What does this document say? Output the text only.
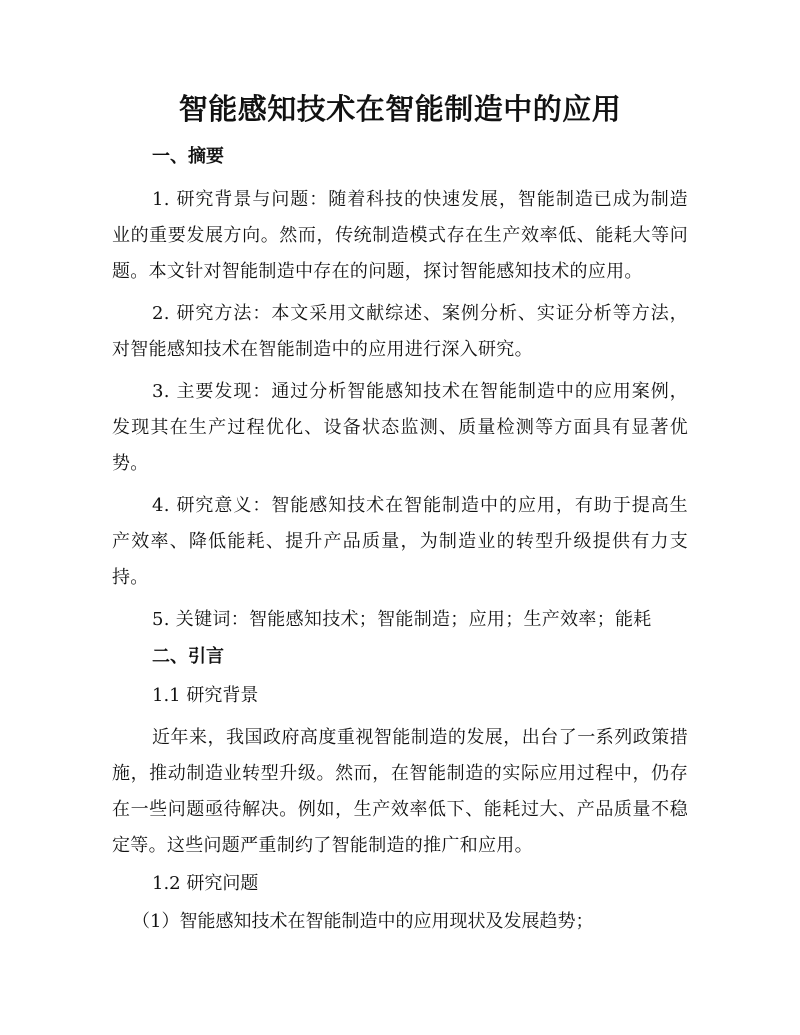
智能感知技术在智能制造中的应用
一、摘要

1. 研究背景与问题：随着科技的快速发展，智能制造已成为制造业的重要发展方向。然而，传统制造模式存在生产效率低、能耗大等问题。本文针对智能制造中存在的问题，探讨智能感知技术的应用。

2. 研究方法：本文采用文献综述、案例分析、实证分析等方法，对智能感知技术在智能制造中的应用进行深入研究。

3. 主要发现：通过分析智能感知技术在智能制造中的应用案例，发现其在生产过程优化、设备状态监测、质量检测等方面具有显著优势。

4. 研究意义：智能感知技术在智能制造中的应用，有助于提高生产效率、降低能耗、提升产品质量，为制造业的转型升级提供有力支持。

5. 关键词：智能感知技术；智能制造；应用；生产效率；能耗

二、引言
1.1 研究背景

近年来，我国政府高度重视智能制造的发展，出台了一系列政策措施，推动制造业转型升级。然而，在智能制造的实际应用过程中，仍存在一些问题亟待解决。例如，生产效率低下、能耗过大、产品质量不稳定等。这些问题严重制约了智能制造的推广和应用。

1.2 研究问题

（1）智能感知技术在智能制造中的应用现状及发展趋势；
